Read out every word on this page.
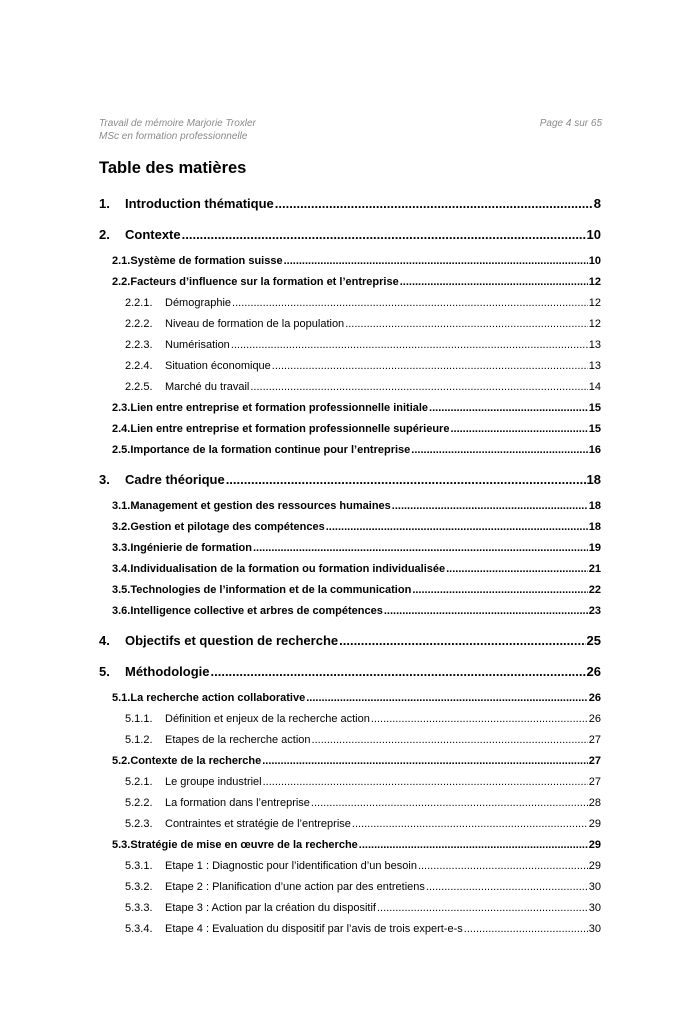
Travail de mémoire Marjorie Troxler	Page 4 sur 65
MSc en formation professionnelle
Table des matières
1.	Introduction thématique .....	8
2.	Contexte .....	10
2.1. Système de formation suisse .....	10
2.2. Facteurs d’influence sur la formation et l’entreprise .....	12
2.2.1.	Démographie .....	12
2.2.2.	Niveau de formation de la population .....	12
2.2.3.	Numérisation .....	13
2.2.4.	Situation économique .....	13
2.2.5.	Marché du travail .....	14
2.3. Lien entre entreprise et formation professionnelle initiale .....	15
2.4. Lien entre entreprise et formation professionnelle supérieure .....	15
2.5. Importance de la formation continue pour l’entreprise .....	16
3.	Cadre théorique .....	18
3.1. Management et gestion des ressources humaines .....	18
3.2. Gestion et pilotage des compétences .....	18
3.3. Ingénierie de formation .....	19
3.4. Individualisation de la formation ou formation individualisée .....	21
3.5. Technologies de l’information et de la communication .....	22
3.6. Intelligence collective et arbres de compétences .....	23
4.	Objectifs et question de recherche .....	25
5.	Méthodologie .....	26
5.1. La recherche action collaborative .....	26
5.1.1.	Définition et enjeux de la recherche action .....	26
5.1.2.	Etapes de la recherche action .....	27
5.2. Contexte de la recherche .....	27
5.2.1.	Le groupe industriel .....	27
5.2.2.	La formation dans l’entreprise .....	28
5.2.3.	Contraintes et stratégie de l’entreprise .....	29
5.3. Stratégie de mise en œuvre de la recherche .....	29
5.3.1.	Etape 1 : Diagnostic pour l’identification d’un besoin .....	29
5.3.2.	Etape 2 : Planification d’une action par des entretiens .....	30
5.3.3.	Etape 3 : Action par la création du dispositif .....	30
5.3.4.	Etape 4 : Evaluation du dispositif par l’avis de trois expert-e-s .....	30
